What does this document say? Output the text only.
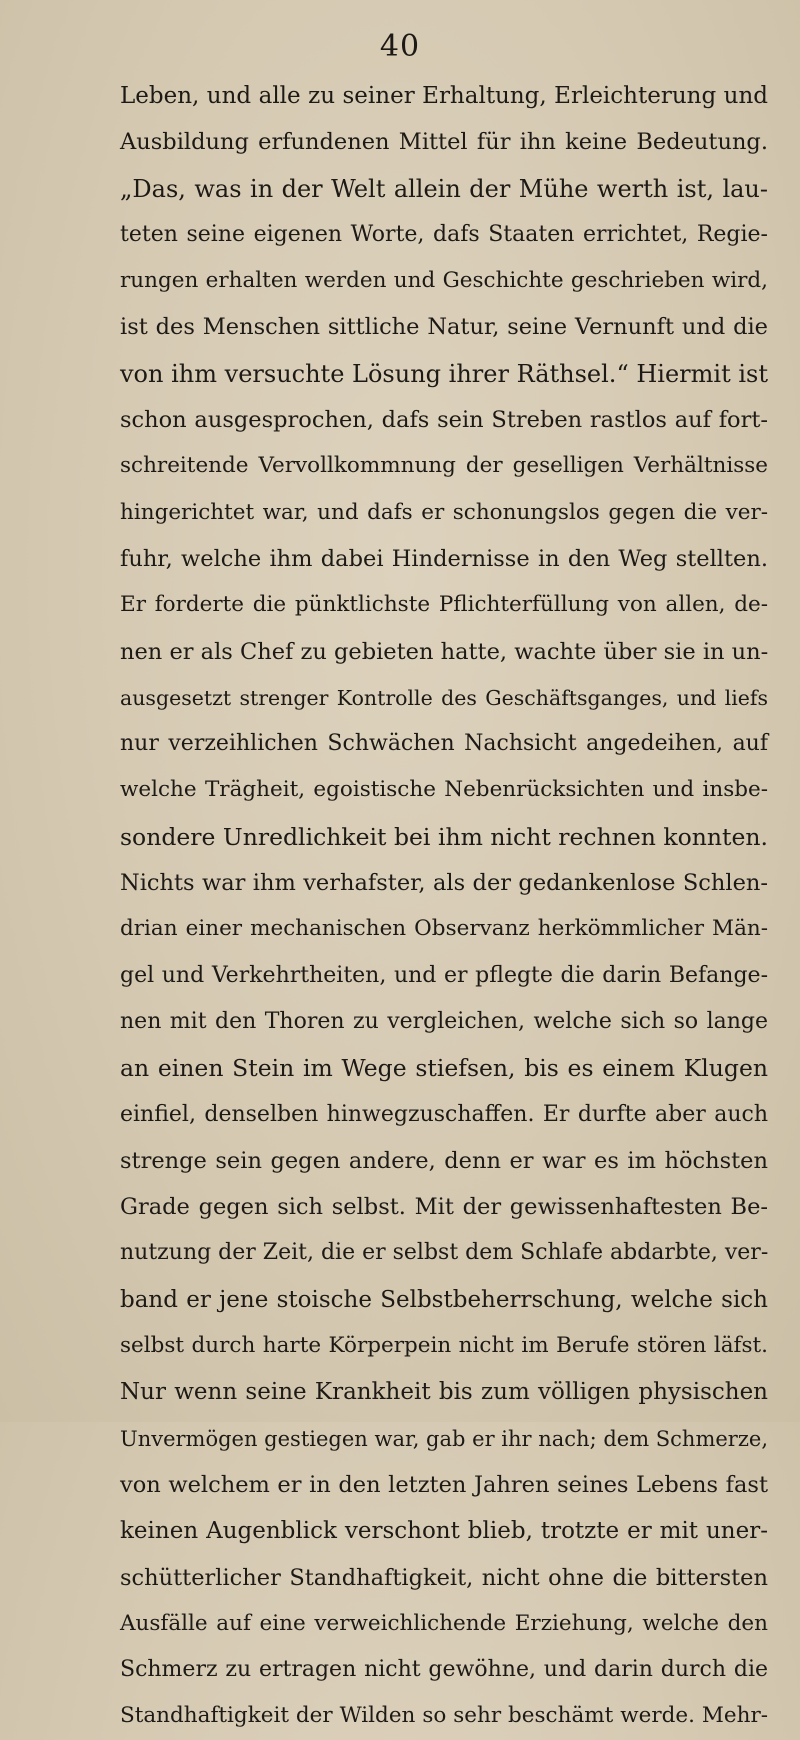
40
Leben, und alle zu seiner Erhaltung, Erleichterung und
Ausbildung erfundenen Mittel für ihn keine Bedeutung.
„Das, was in der Welt allein der Mühe werth ist, lau-
teten seine eigenen Worte, dafs Staaten errichtet, Regie-
rungen erhalten werden und Geschichte geschrieben wird,
ist des Menschen sittliche Natur, seine Vernunft und die
von ihm versuchte Lösung ihrer Räthsel.“ Hiermit ist
schon ausgesprochen, dafs sein Streben rastlos auf fort-
schreitende Vervollkommnung der geselligen Verhältnisse
hingerichtet war, und dafs er schonungslos gegen die ver-
fuhr, welche ihm dabei Hindernisse in den Weg stellten.
Er forderte die pünktlichste Pflichterfüllung von allen, de-
nen er als Chef zu gebieten hatte, wachte über sie in un-
ausgesetzt strenger Kontrolle des Geschäftsganges, und liefs
nur verzeihlichen Schwächen Nachsicht angedeihen, auf
welche Trägheit, egoistische Nebenrücksichten und insbe-
sondere Unredlichkeit bei ihm nicht rechnen konnten.
Nichts war ihm verhafster, als der gedankenlose Schlen-
drian einer mechanischen Observanz herkömmlicher Män-
gel und Verkehrtheiten, und er pflegte die darin Befange-
nen mit den Thoren zu vergleichen, welche sich so lange
an einen Stein im Wege stiefsen, bis es einem Klugen
einfiel, denselben hinwegzuschaffen. Er durfte aber auch
strenge sein gegen andere, denn er war es im höchsten
Grade gegen sich selbst. Mit der gewissenhaftesten Be-
nutzung der Zeit, die er selbst dem Schlafe abdarbte, ver-
band er jene stoische Selbstbeherrschung, welche sich
selbst durch harte Körperpein nicht im Berufe stören läfst.
Nur wenn seine Krankheit bis zum völligen physischen
Unvermögen gestiegen war, gab er ihr nach; dem Schmerze,
von welchem er in den letzten Jahren seines Lebens fast
keinen Augenblick verschont blieb, trotzte er mit uner-
schütterlicher Standhaftigkeit, nicht ohne die bittersten
Ausfälle auf eine verweichlichende Erziehung, welche den
Schmerz zu ertragen nicht gewöhne, und darin durch die
Standhaftigkeit der Wilden so sehr beschämt werde. Mehr-
